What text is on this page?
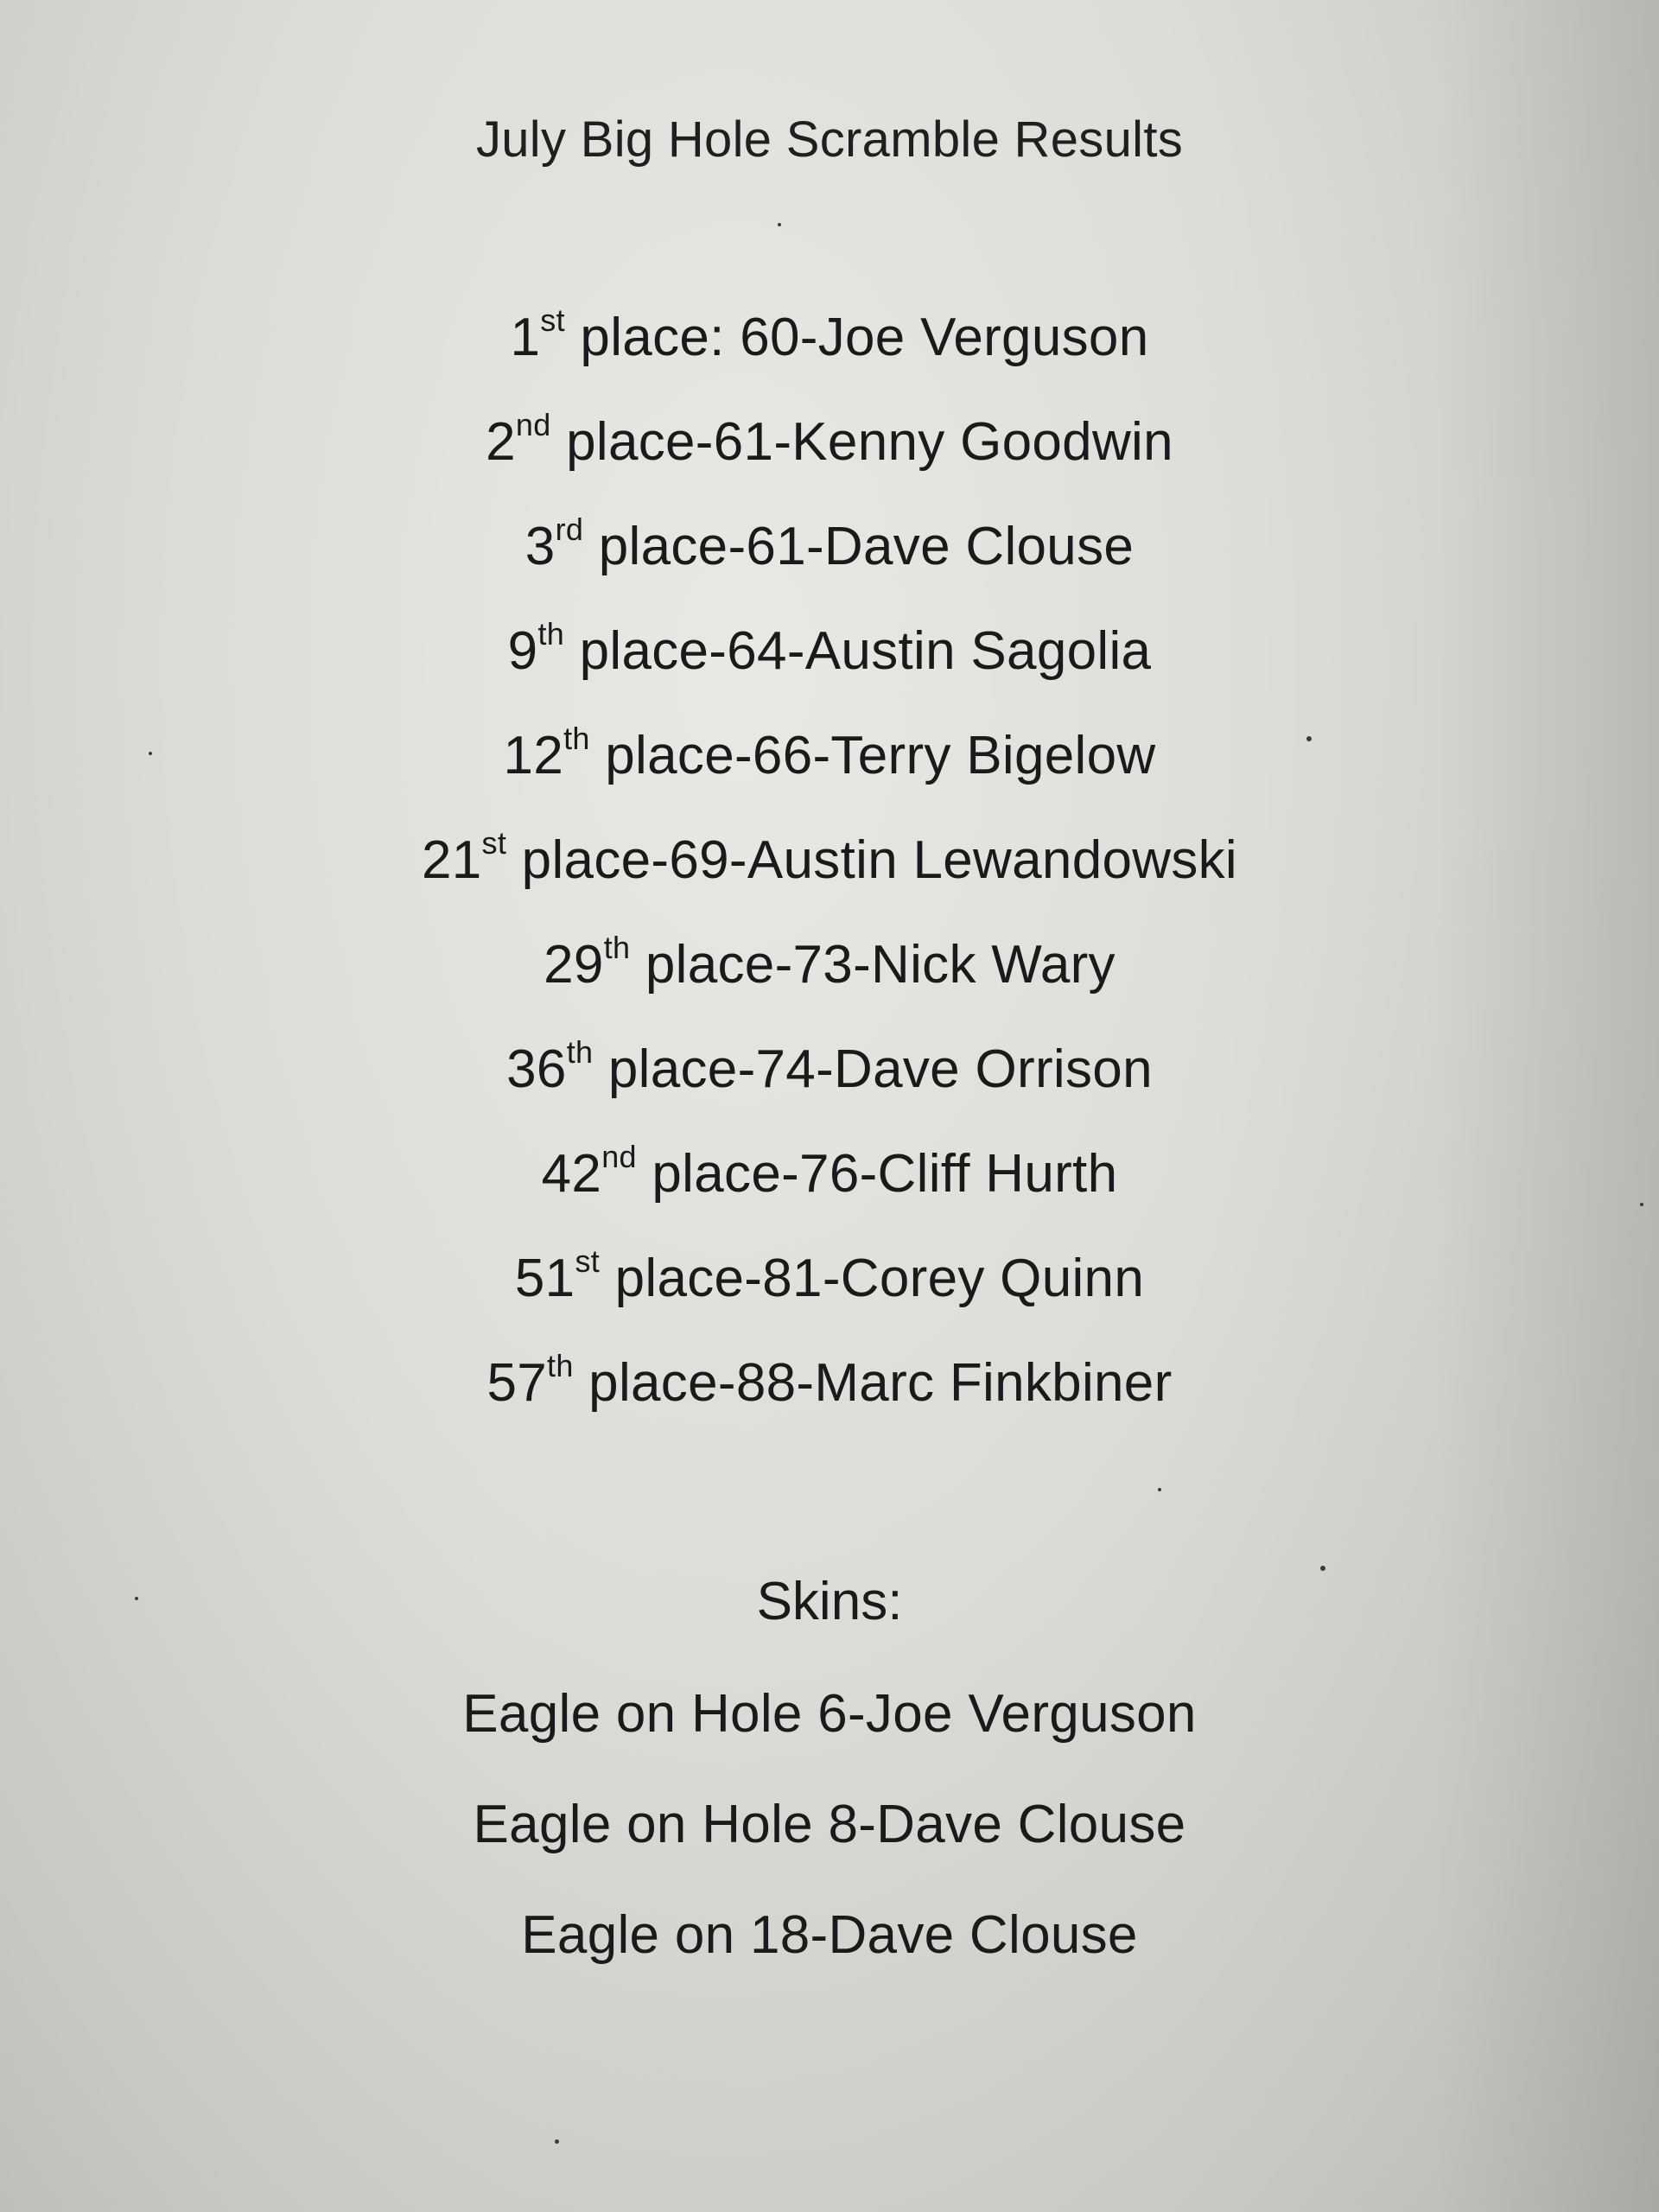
July Big Hole Scramble Results
1st place: 60-Joe Verguson
2nd place-61-Kenny Goodwin
3rd place-61-Dave Clouse
9th place-64-Austin Sagolia
12th place-66-Terry Bigelow
21st place-69-Austin Lewandowski
29th place-73-Nick Wary
36th place-74-Dave Orrison
42nd place-76-Cliff Hurth
51st place-81-Corey Quinn
57th place-88-Marc Finkbiner
Skins:
Eagle on Hole 6-Joe Verguson
Eagle on Hole 8-Dave Clouse
Eagle on 18-Dave Clouse
